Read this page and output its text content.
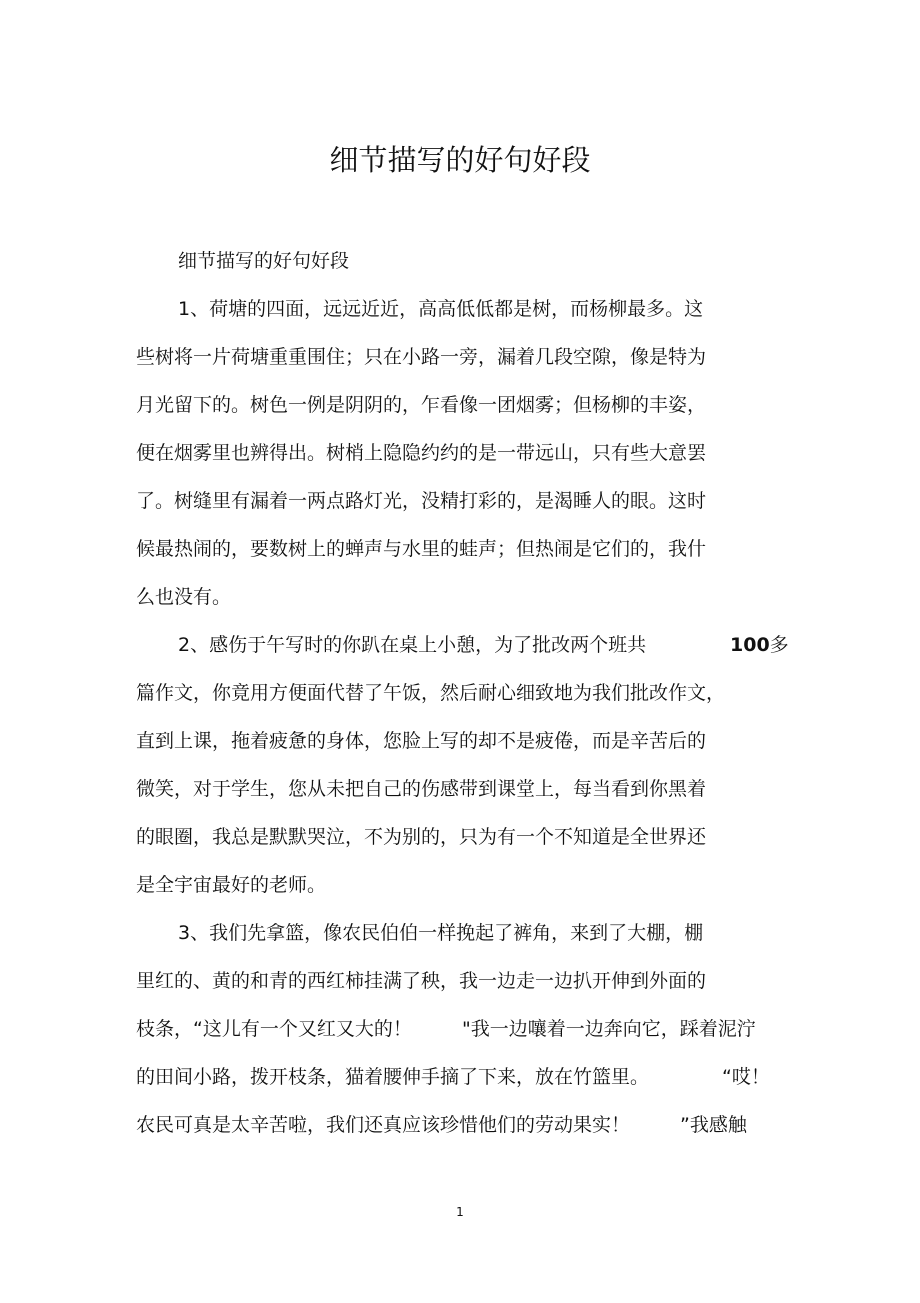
细节描写的好句好段
细节描写的好句好段
1、荷塘的四面，远远近近，高高低低都是树，而杨柳最多。这
些树将一片荷塘重重围住；只在小路一旁，漏着几段空隙，像是特为
月光留下的。树色一例是阴阴的，乍看像一团烟雾；但杨柳的丰姿，
便在烟雾里也辨得出。树梢上隐隐约约的是一带远山，只有些大意罢
了。树缝里有漏着一两点路灯光，没精打彩的，是渴睡人的眼。这时
候最热闹的，要数树上的蝉声与水里的蛙声；但热闹是它们的，我什
么也没有。
2、感伤于午写时的你趴在桌上小憩，为了批改两个班共	100多
篇作文，你竟用方便面代替了午饭，然后耐心细致地为我们批改作文，
直到上课，拖着疲惫的身体，您脸上写的却不是疲倦，而是辛苦后的
微笑，对于学生，您从未把自己的伤感带到课堂上，每当看到你黑着
的眼圈，我总是默默哭泣，不为别的，只为有一个不知道是全世界还
是全宇宙最好的老师。
3、我们先拿篮，像农民伯伯一样挽起了裤角，来到了大棚，棚
里红的、黄的和青的西红柿挂满了秧，我一边走一边扒开伸到外面的
枝条，“这儿有一个又红又大的！	"我一边嚷着一边奔向它，踩着泥泞
的田间小路，拨开枝条，猫着腰伸手摘了下来，放在竹篮里。	“哎！
农民可真是太辛苦啦，我们还真应该珍惜他们的劳动果实！	”我感触
1
